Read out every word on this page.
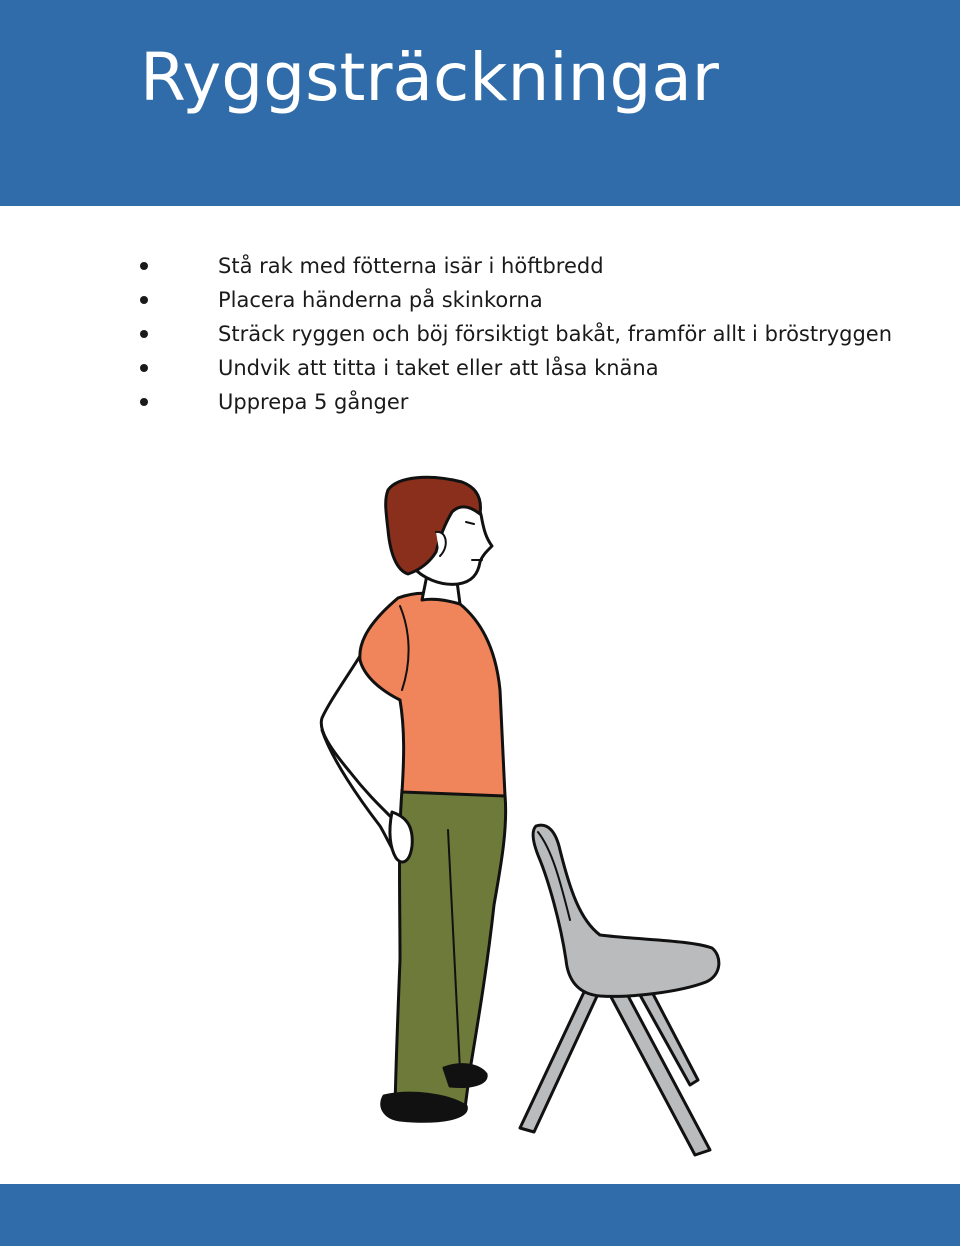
Ryggsträckningar
Stå rak med fötterna isär i höftbredd
Placera händerna på skinkorna
Sträck ryggen och böj försiktigt bakåt, framför allt i bröstryggen
Undvik att titta i taket eller att låsa knäna
Upprepa 5 gånger
